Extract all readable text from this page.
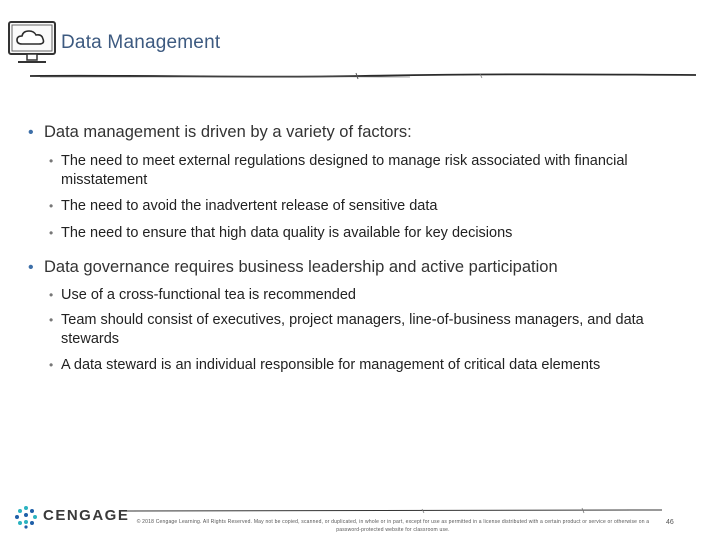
Data Management
• Data management is driven by a variety of factors:
• The need to meet external regulations designed to manage risk associated with financial misstatement
• The need to avoid the inadvertent release of sensitive data
• The need to ensure that high data quality is available for key decisions
• Data governance requires business leadership and active participation
• Use of a cross-functional tea is recommended
• Team should consist of executives, project managers, line-of-business managers, and data stewards
• A data steward is an individual responsible for management of critical data elements
CENGAGE	© 2018 Cengage Learning. All Rights Reserved. May not be copied, scanned, or duplicated, in whole or in part, except for use as permitted in a license distributed with a certain product or service or otherwise on a password-protected website for classroom use.
46
